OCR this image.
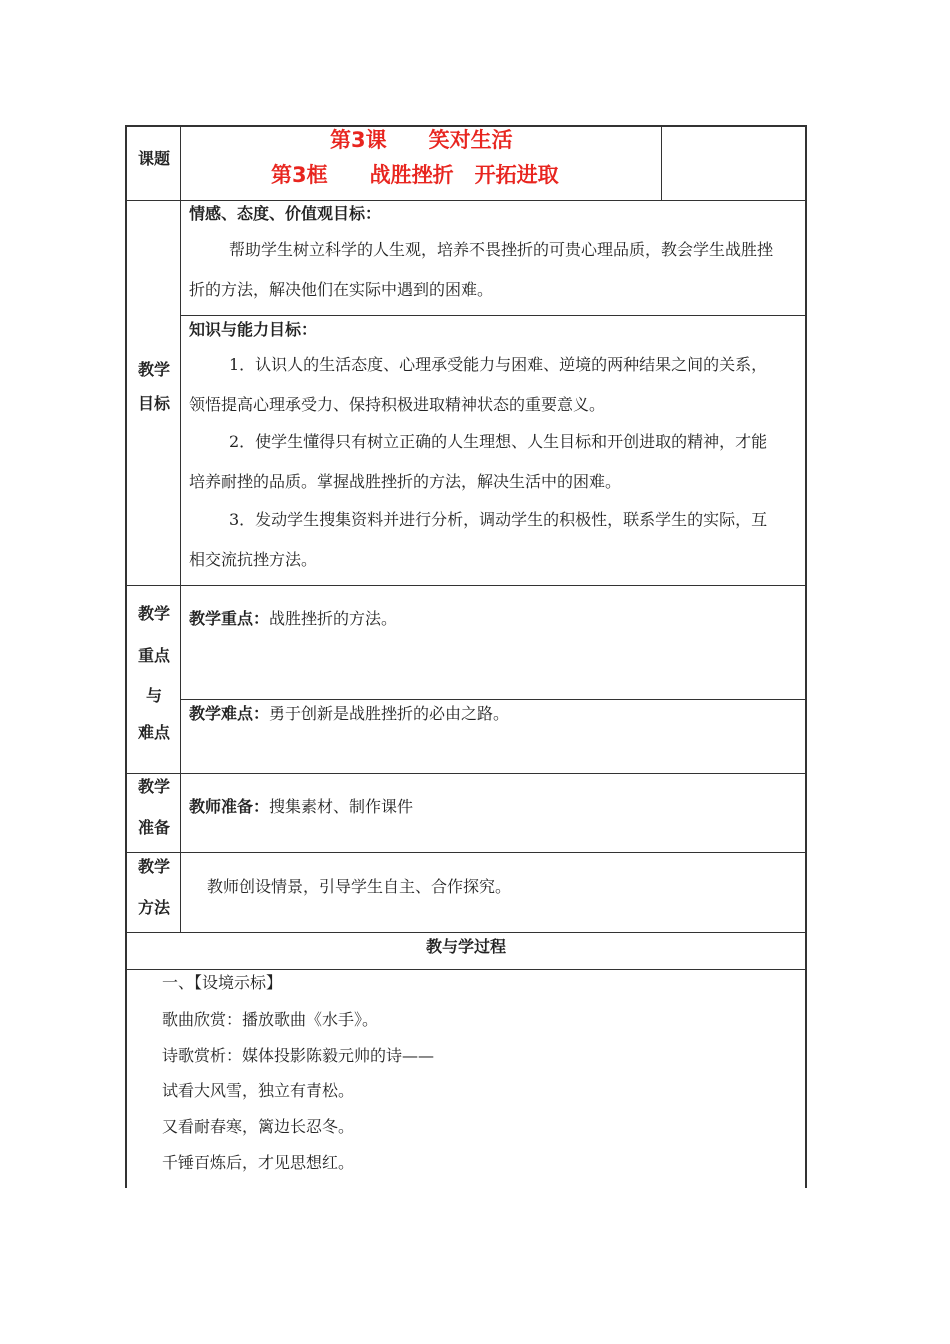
课题
第3课　　笑对生活
第3框　　战胜挫折　开拓进取
教学
目标
情感、态度、价值观目标：
帮助学生树立科学的人生观，培养不畏挫折的可贵心理品质，教会学生战胜挫
折的方法，解决他们在实际中遇到的困难。
知识与能力目标：
1．认识人的生活态度、心理承受能力与困难、逆境的两种结果之间的关系，
领悟提高心理承受力、保持积极进取精神状态的重要意义。
2．使学生懂得只有树立正确的人生理想、人生目标和开创进取的精神，才能
培养耐挫的品质。掌握战胜挫折的方法，解决生活中的困难。
3．发动学生搜集资料并进行分析，调动学生的积极性，联系学生的实际，互
相交流抗挫方法。
教学
重点
与
难点
教学重点：战胜挫折的方法。
教学难点：勇于创新是战胜挫折的必由之路。
教学
准备
教师准备：搜集素材、制作课件
教学
方法
教师创设情景，引导学生自主、合作探究。
教与学过程
一、【设境示标】
歌曲欣赏：播放歌曲《水手》。
诗歌赏析：媒体投影陈毅元帅的诗——
试看大风雪，独立有青松。
又看耐春寒，篱边长忍冬。
千锤百炼后，才见思想红。
